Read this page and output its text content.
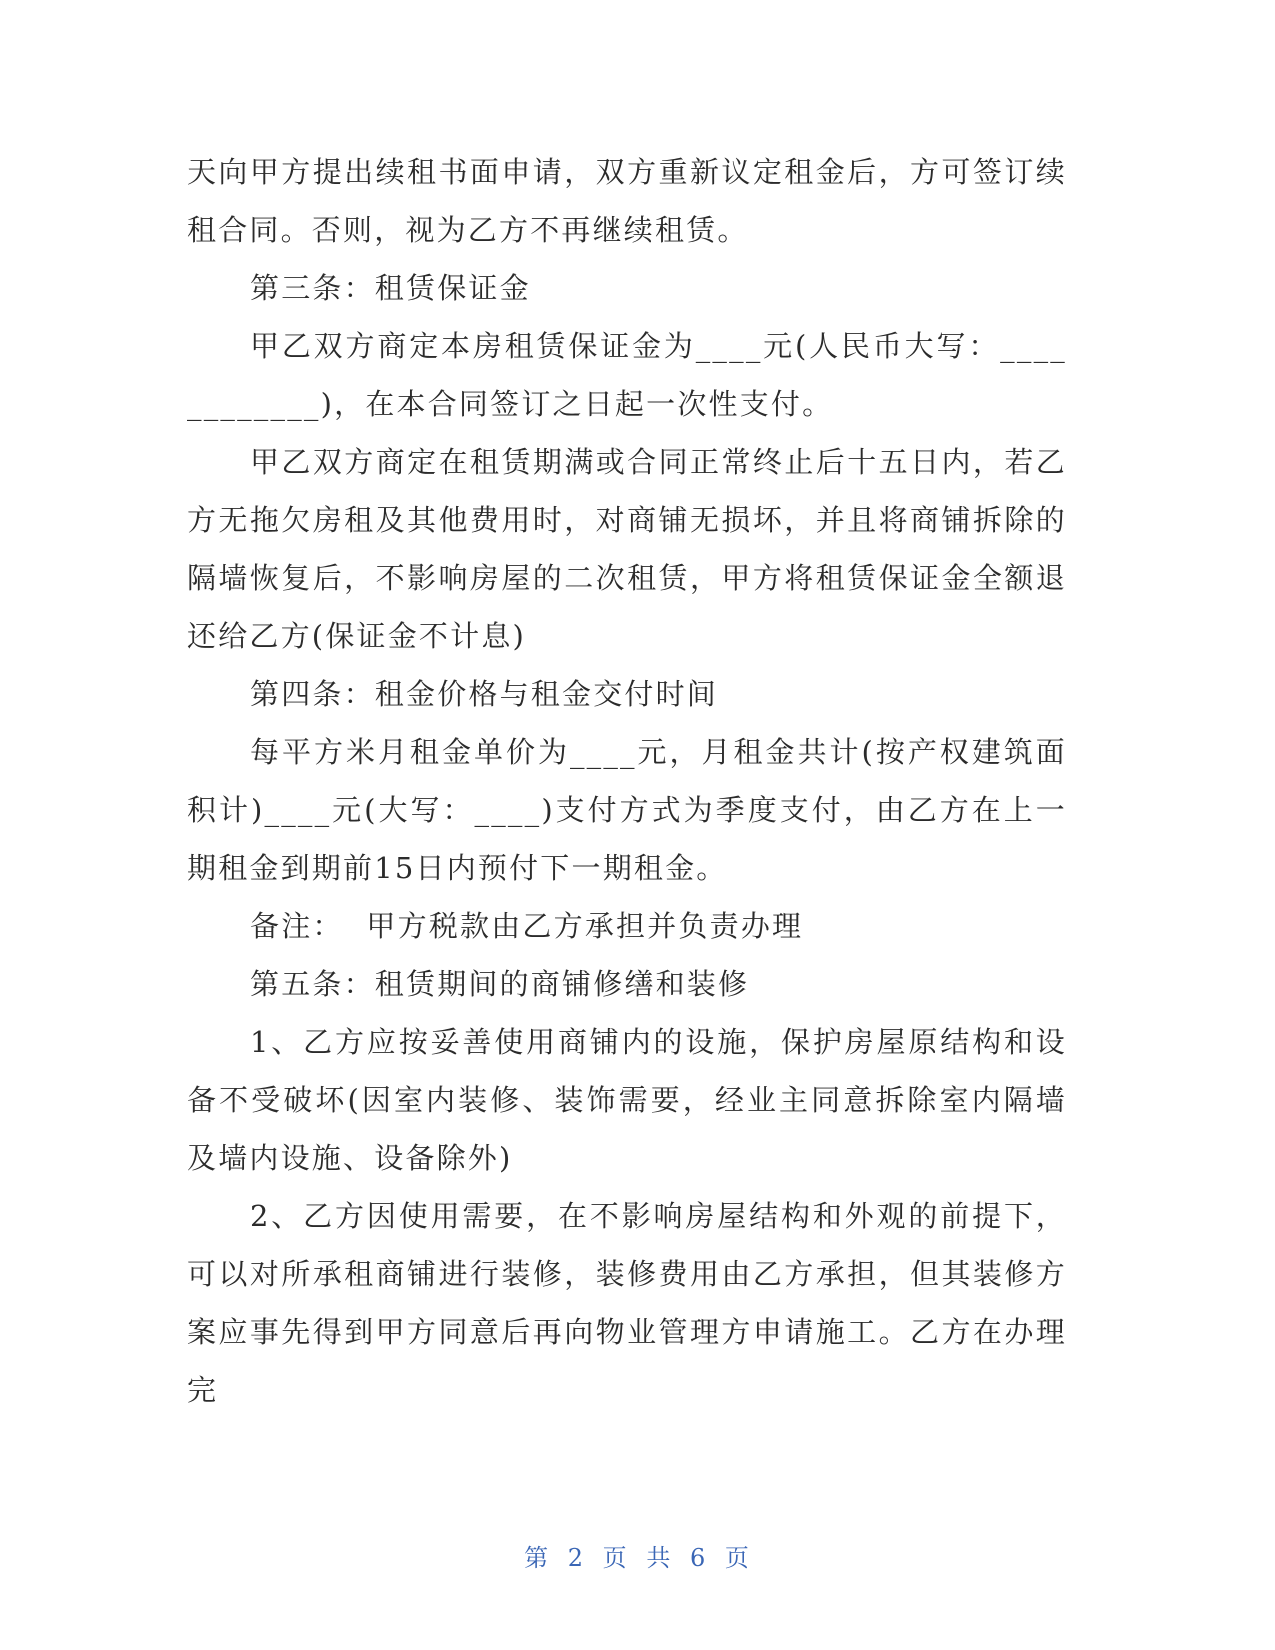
天向甲方提出续租书面申请，双方重新议定租金后，方可签订续租合同。否则，视为乙方不再继续租赁。

第三条：租赁保证金

甲乙双方商定本房租赁保证金为____元(人民币大写：____________)，在本合同签订之日起一次性支付。

甲乙双方商定在租赁期满或合同正常终止后十五日内，若乙方无拖欠房租及其他费用时，对商铺无损坏，并且将商铺拆除的隔墙恢复后，不影响房屋的二次租赁，甲方将租赁保证金全额退还给乙方(保证金不计息)

第四条：租金价格与租金交付时间

每平方米月租金单价为____元，月租金共计(按产权建筑面积计)____元(大写：____)支付方式为季度支付，由乙方在上一期租金到期前15日内预付下一期租金。

备注：  甲方税款由乙方承担并负责办理

第五条：租赁期间的商铺修缮和装修

1、乙方应按妥善使用商铺内的设施，保护房屋原结构和设备不受破坏(因室内装修、装饰需要，经业主同意拆除室内隔墙及墙内设施、设备除外)

2、乙方因使用需要，在不影响房屋结构和外观的前提下，可以对所承租商铺进行装修，装修费用由乙方承担，但其装修方案应事先得到甲方同意后再向物业管理方申请施工。乙方在办理完

第 2 页 共 6 页
